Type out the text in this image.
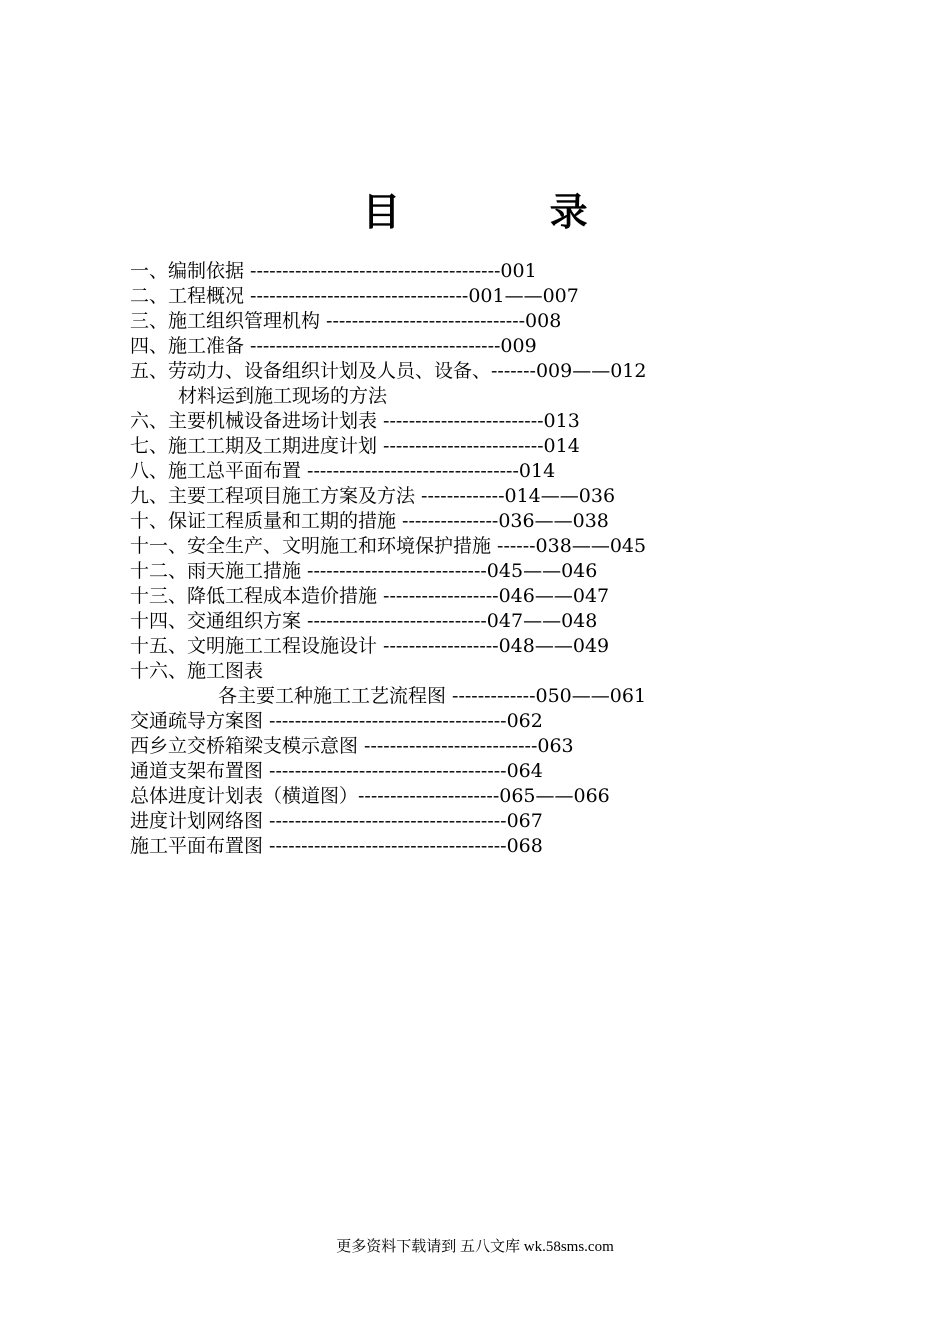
目 录
一、编制依据 ---------------------------------------001
二、工程概况 ----------------------------------001——007
三、施工组织管理机构 -------------------------------008
四、施工准备 ---------------------------------------009
五、劳动力、设备组织计划及人员、设备、-------009——012
材料运到施工现场的方法
六、主要机械设备进场计划表 -------------------------013
七、施工工期及工期进度计划 -------------------------014
八、施工总平面布置 ---------------------------------014
九、主要工程项目施工方案及方法 -------------014——036
十、保证工程质量和工期的措施 ---------------036——038
十一、安全生产、文明施工和环境保护措施 ------038——045
十二、雨天施工措施 ----------------------------045——046
十三、降低工程成本造价措施 ------------------046——047
十四、交通组织方案 ----------------------------047——048
十五、文明施工工程设施设计 ------------------048——049
十六、施工图表
各主要工种施工工艺流程图 -------------050——061
交通疏导方案图 -------------------------------------062
西乡立交桥箱梁支模示意图 ---------------------------063
通道支架布置图 -------------------------------------064
总体进度计划表（横道图）----------------------065——066
进度计划网络图 -------------------------------------067
施工平面布置图 -------------------------------------068
更多资料下载请到 五八文库 wk.58sms.com
